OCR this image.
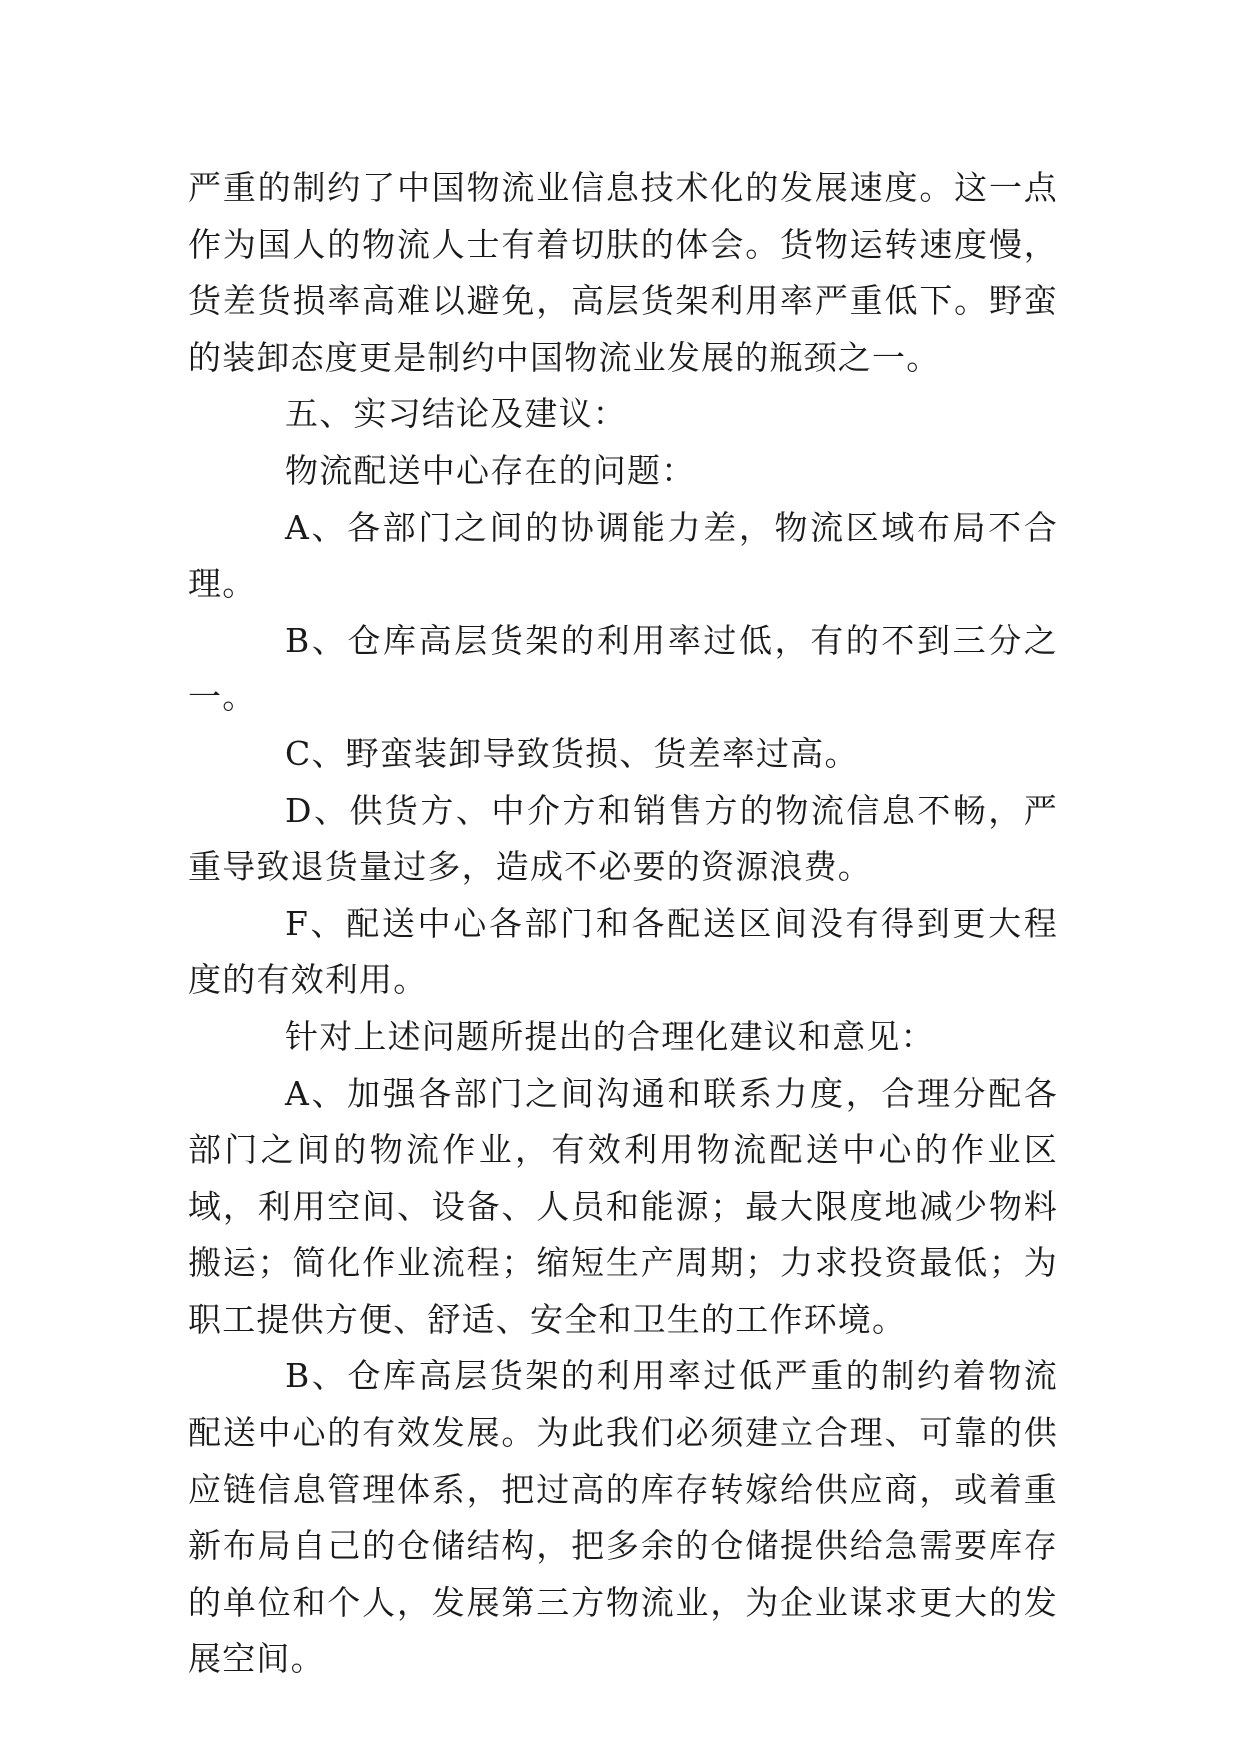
严重的制约了中国物流业信息技术化的发展速度。这一点作为国人的物流人士有着切肤的体会。货物运转速度慢，货差货损率高难以避免，高层货架利用率严重低下。野蛮的装卸态度更是制约中国物流业发展的瓶颈之一。

五、实习结论及建议：

物流配送中心存在的问题：

A、各部门之间的协调能力差，物流区域布局不合理。

B、仓库高层货架的利用率过低，有的不到三分之一。

C、野蛮装卸导致货损、货差率过高。

D、供货方、中介方和销售方的物流信息不畅，严重导致退货量过多，造成不必要的资源浪费。

F、配送中心各部门和各配送区间没有得到更大程度的有效利用。

针对上述问题所提出的合理化建议和意见：

A、加强各部门之间沟通和联系力度，合理分配各部门之间的物流作业，有效利用物流配送中心的作业区域，利用空间、设备、人员和能源；最大限度地减少物料搬运；简化作业流程；缩短生产周期；力求投资最低；为职工提供方便、舒适、安全和卫生的工作环境。

B、仓库高层货架的利用率过低严重的制约着物流配送中心的有效发展。为此我们必须建立合理、可靠的供应链信息管理体系，把过高的库存转嫁给供应商，或着重新布局自己的仓储结构，把多余的仓储提供给急需要库存的单位和个人，发展第三方物流业，为企业谋求更大的发展空间。
